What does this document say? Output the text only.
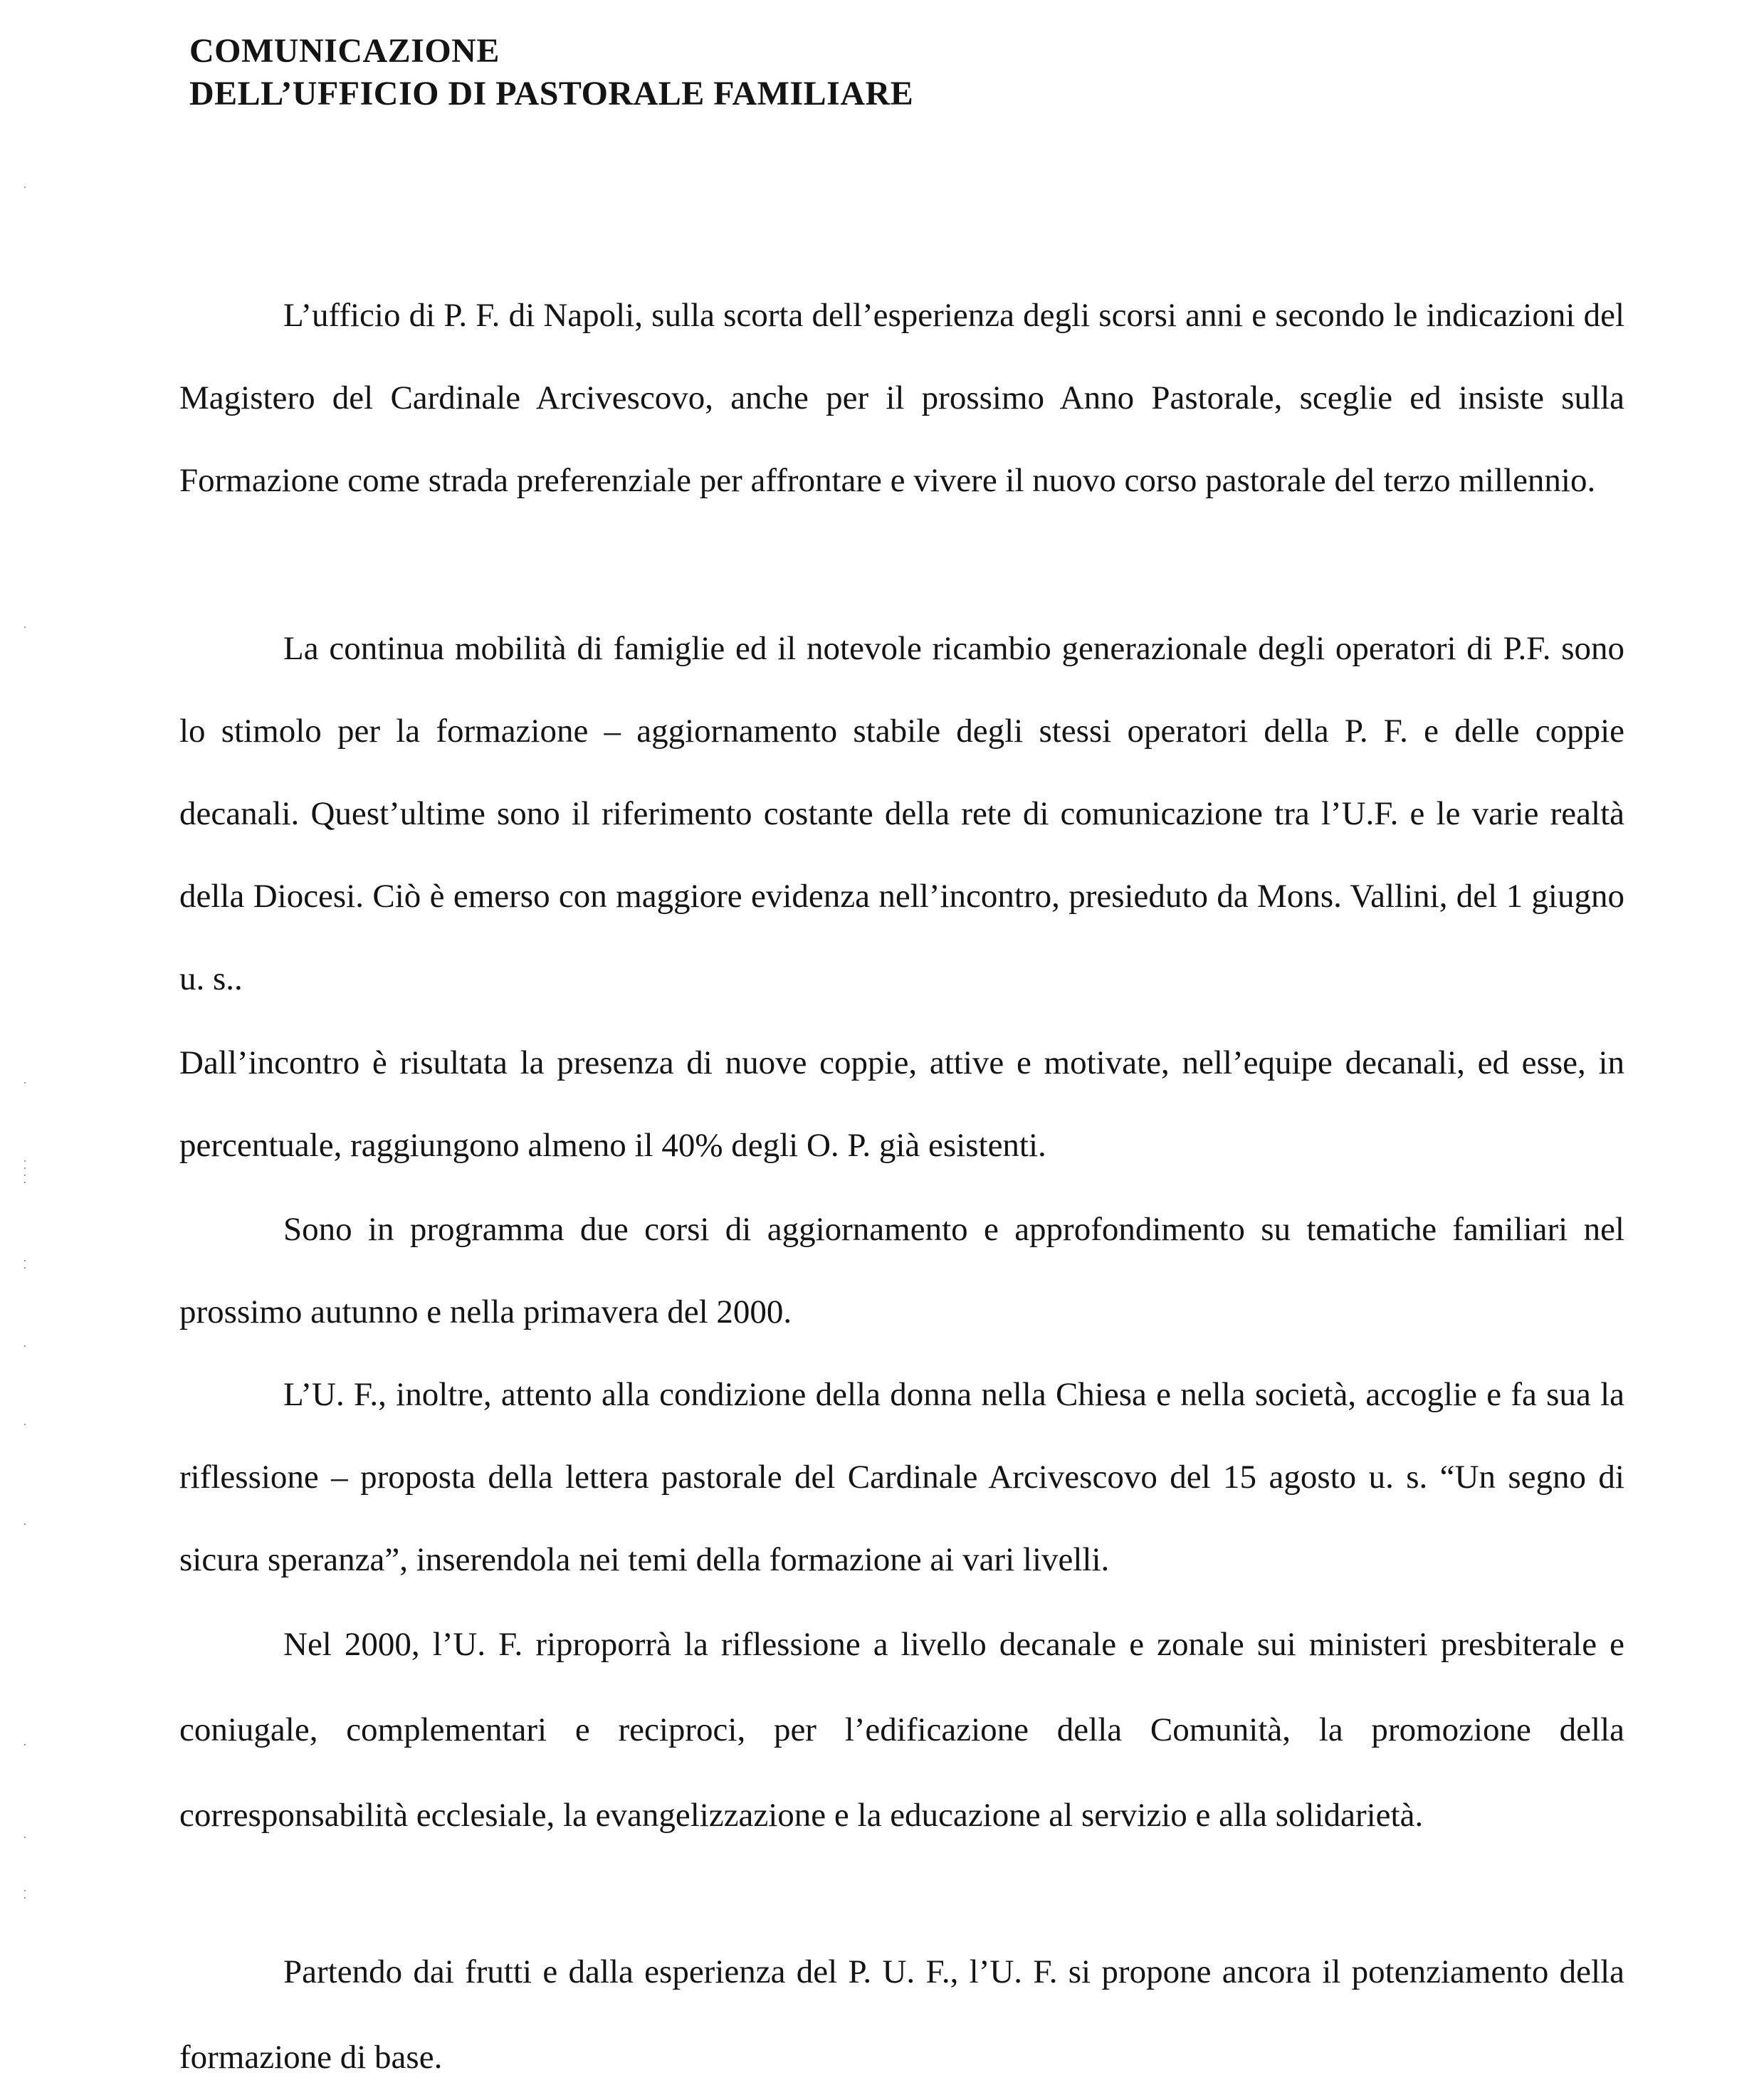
COMUNICAZIONE
DELL’UFFICIO DI PASTORALE FAMILIARE

L’ufficio di P. F. di Napoli, sulla scorta dell’esperienza degli scorsi anni e secondo le indicazioni del Magistero del Cardinale Arcivescovo, anche per il prossimo Anno Pastorale, sceglie ed insiste sulla Formazione come strada preferenziale per affrontare e vivere il nuovo corso pastorale del terzo millennio.

La continua mobilità di famiglie ed il notevole ricambio generazionale degli operatori di P.F. sono lo stimolo per la formazione – aggiornamento stabile degli stessi operatori della P. F. e delle coppie decanali. Quest’ultime sono il riferimento costante della rete di comunicazione tra l’U.F. e le varie realtà della Diocesi. Ciò è emerso con maggiore evidenza nell’incontro, presieduto da Mons. Vallini, del 1 giugno u. s..

Dall’incontro è risultata la presenza di nuove coppie, attive e motivate, nell’equipe decanali, ed esse, in percentuale, raggiungono almeno il 40% degli O. P. già esistenti.

Sono in programma due corsi di aggiornamento e approfondimento su tematiche familiari nel prossimo autunno e nella primavera del 2000.

L’U. F., inoltre, attento alla condizione della donna nella Chiesa e nella società, accoglie e fa sua la riflessione – proposta della lettera pastorale del Cardinale Arcivescovo del 15 agosto u. s. “Un segno di sicura speranza”, inserendola nei temi della formazione ai vari livelli.

Nel 2000, l’U. F. riproporrà la riflessione a livello decanale e zonale sui ministeri presbiterale e coniugale, complementari e reciproci, per l’edificazione della Comunità, la promozione della corresponsabilità ecclesiale, la evangelizzazione e la educazione al servizio e alla solidarietà.

Partendo dai frutti e dalla esperienza del P. U. F., l’U. F. si propone ancora il potenziamento della formazione di base.
